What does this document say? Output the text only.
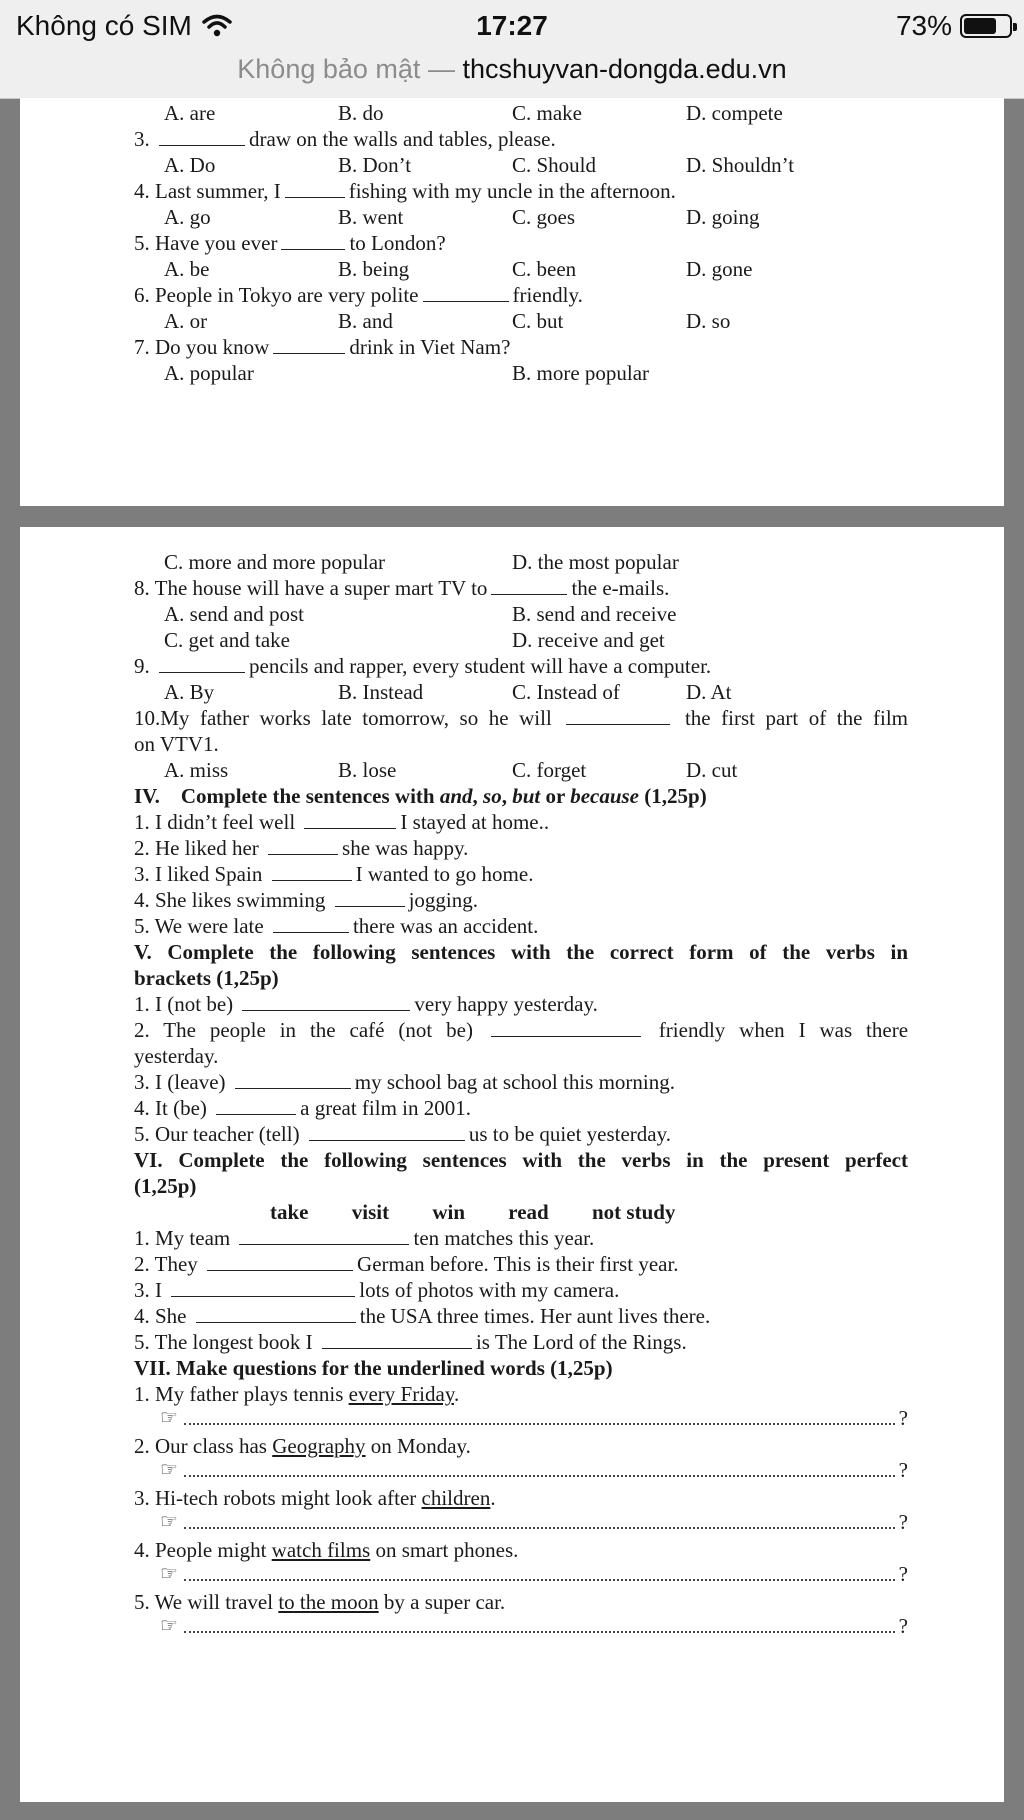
Không có SIM	17:27	73%
Không bảo mật — thcshuyvan-dongda.edu.vn
A. are	B. do	C. make	D. compete
3.	draw on the walls and tables, please.
A. Do	B. Don’t	C. Should	D. Shouldn’t
4. Last summer, I	fishing with my uncle in the afternoon.
A. go	B. went	C. goes	D. going
5. Have you ever	to London?
A. be	B. being	C. been	D. gone
6. People in Tokyo are very polite	friendly.
A. or	B. and	C. but	D. so
7. Do you know	drink in Viet Nam?
A. popular	B. more popular
C. more and more popular	D. the most popular
8. The house will have a super mart TV to	the e-mails.
A. send and post	B. send and receive
C. get and take	D. receive and get
9.	pencils and rapper, every student will have a computer.
A. By	B. Instead	C. Instead of	D. At
10.My father works late tomorrow, so he will	the first part of the film
on VTV1.
A. miss	B. lose	C. forget	D. cut
IV. Complete the sentences with and, so, but or because (1,25p)
1. I didn’t feel well	I stayed at home..
2. He liked her	she was happy.
3. I liked Spain	I wanted to go home.
4. She likes swimming	jogging.
5. We were late	there was an accident.
V. Complete the following sentences with the correct form of the verbs in
brackets (1,25p)
1. I (not be)	very happy yesterday.
2. The people in the café (not be)	friendly when I was there
yesterday.
3. I (leave)	my school bag at school this morning.
4. It (be)	a great film in 2001.
5. Our teacher (tell)	us to be quiet yesterday.
VI. Complete the following sentences with the verbs in the present perfect
(1,25p)
take visit win read not study
1. My team	ten matches this year.
2. They	German before. This is their first year.
3. I	lots of photos with my camera.
4. She	the USA three times. Her aunt lives there.
5. The longest book I	is The Lord of the Rings.
VII. Make questions for the underlined words (1,25p)
1. My father plays tennis every Friday.
☞	?
2. Our class has Geography on Monday.
☞	?
3. Hi-tech robots might look after children.
☞	?
4. People might watch films on smart phones.
☞	?
5. We will travel to the moon by a super car.
☞	?
